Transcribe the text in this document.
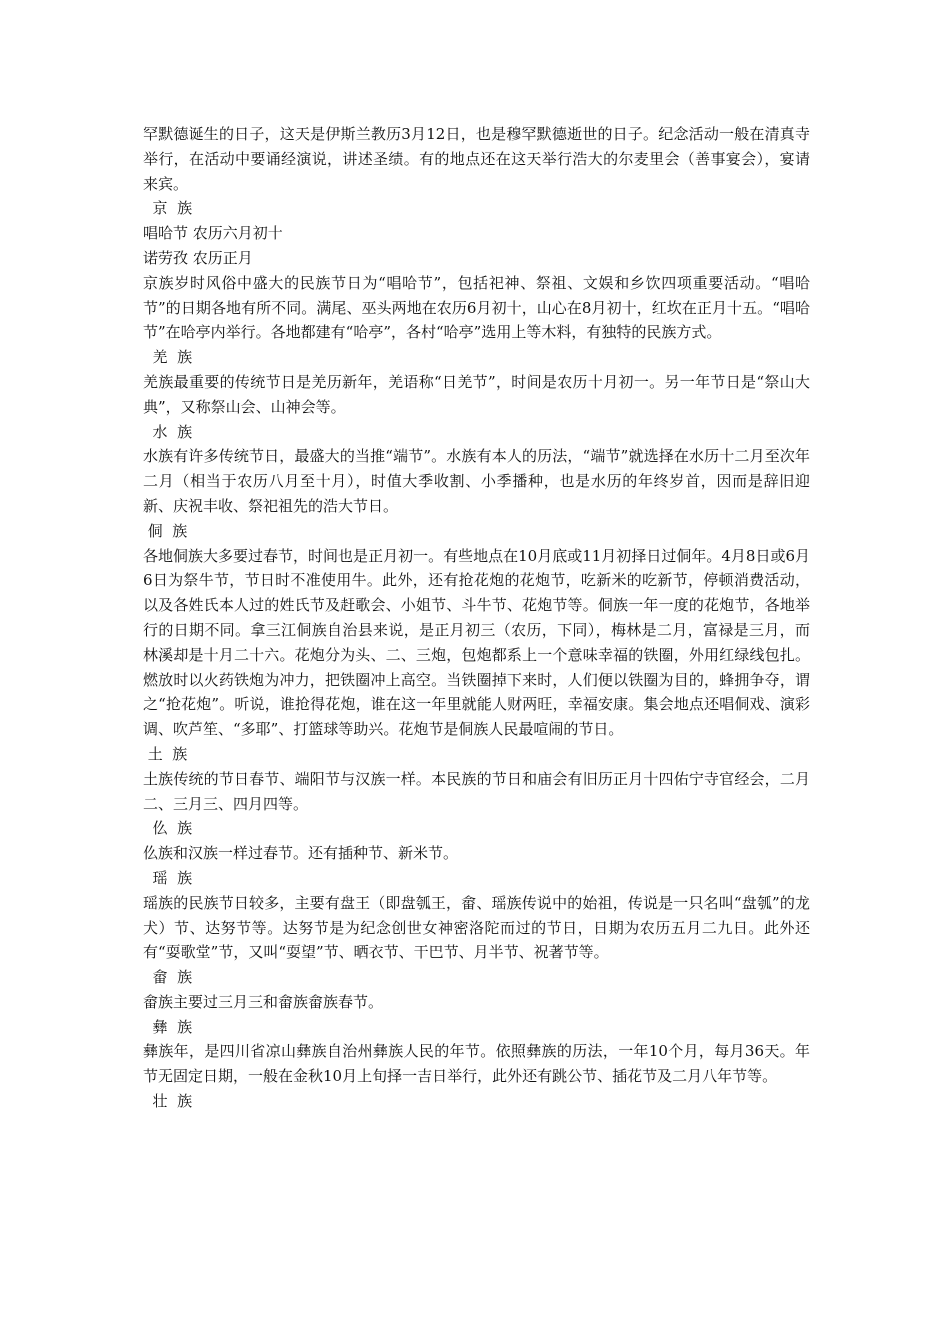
罕默德诞生的日子，这天是伊斯兰教历3月12日，也是穆罕默德逝世的日子。纪念活动一般在清真寺举行，在活动中要诵经演说，讲述圣绩。有的地点还在这天举行浩大的尔麦里会（善事宴会），宴请来宾。

京  族

唱哈节 农历六月初十

诺劳孜 农历正月

京族岁时风俗中盛大的民族节日为“唱哈节”，包括祀神、祭祖、文娱和乡饮四项重要活动。“唱哈节”的日期各地有所不同。满尾、巫头两地在农历6月初十，山心在8月初十，红坎在正月十五。“唱哈节”在哈亭内举行。各地都建有“哈亭”，各村“哈亭”选用上等木料，有独特的民族方式。

羌  族

羌族最重要的传统节日是羌历新年，羌语称“日羌节”，时间是农历十月初一。另一年节日是“祭山大典”，又称祭山会、山神会等。

水  族

水族有许多传统节日，最盛大的当推“端节”。水族有本人的历法，“端节”就选择在水历十二月至次年二月（相当于农历八月至十月），时值大季收割、小季播种，也是水历的年终岁首，因而是辞旧迎新、庆祝丰收、祭祀祖先的浩大节日。

侗  族

各地侗族大多要过春节，时间也是正月初一。有些地点在10月底或11月初择日过侗年。4月8日或6月6日为祭牛节，节日时不准使用牛。此外，还有抢花炮的花炮节，吃新米的吃新节，停顿消费活动，以及各姓氏本人过的姓氏节及赶歌会、小姐节、斗牛节、花炮节等。侗族一年一度的花炮节，各地举行的日期不同。拿三江侗族自治县来说，是正月初三（农历，下同），梅林是二月，富禄是三月，而林溪却是十月二十六。花炮分为头、二、三炮，包炮都系上一个意味幸福的铁圈，外用红绿线包扎。燃放时以火药铁炮为冲力，把铁圈冲上高空。当铁圈掉下来时，人们便以铁圈为目的，蜂拥争夺，谓之“抢花炮”。听说，谁抢得花炮，谁在这一年里就能人财两旺，幸福安康。集会地点还唱侗戏、演彩调、吹芦笙、“多耶”、打篮球等助兴。花炮节是侗族人民最喧闹的节日。

土  族

土族传统的节日春节、端阳节与汉族一样。本民族的节日和庙会有旧历正月十四佑宁寺官经会，二月二、三月三、四月四等。

仫  族

仫族和汉族一样过春节。还有插种节、新米节。

瑶  族

瑶族的民族节日较多，主要有盘王（即盘瓠王，畲、瑶族传说中的始祖，传说是一只名叫“盘瓠”的龙犬）节、达努节等。达努节是为纪念创世女神密洛陀而过的节日，日期为农历五月二九日。此外还有“耍歌堂”节，又叫“耍望”节、晒衣节、干巴节、月半节、祝著节等。

畲  族

畲族主要过三月三和畲族畲族春节。

彝  族

彝族年，是四川省凉山彝族自治州彝族人民的年节。依照彝族的历法，一年10个月，每月36天。年节无固定日期，一般在金秋10月上旬择一吉日举行，此外还有跳公节、插花节及二月八年节等。

壮  族
